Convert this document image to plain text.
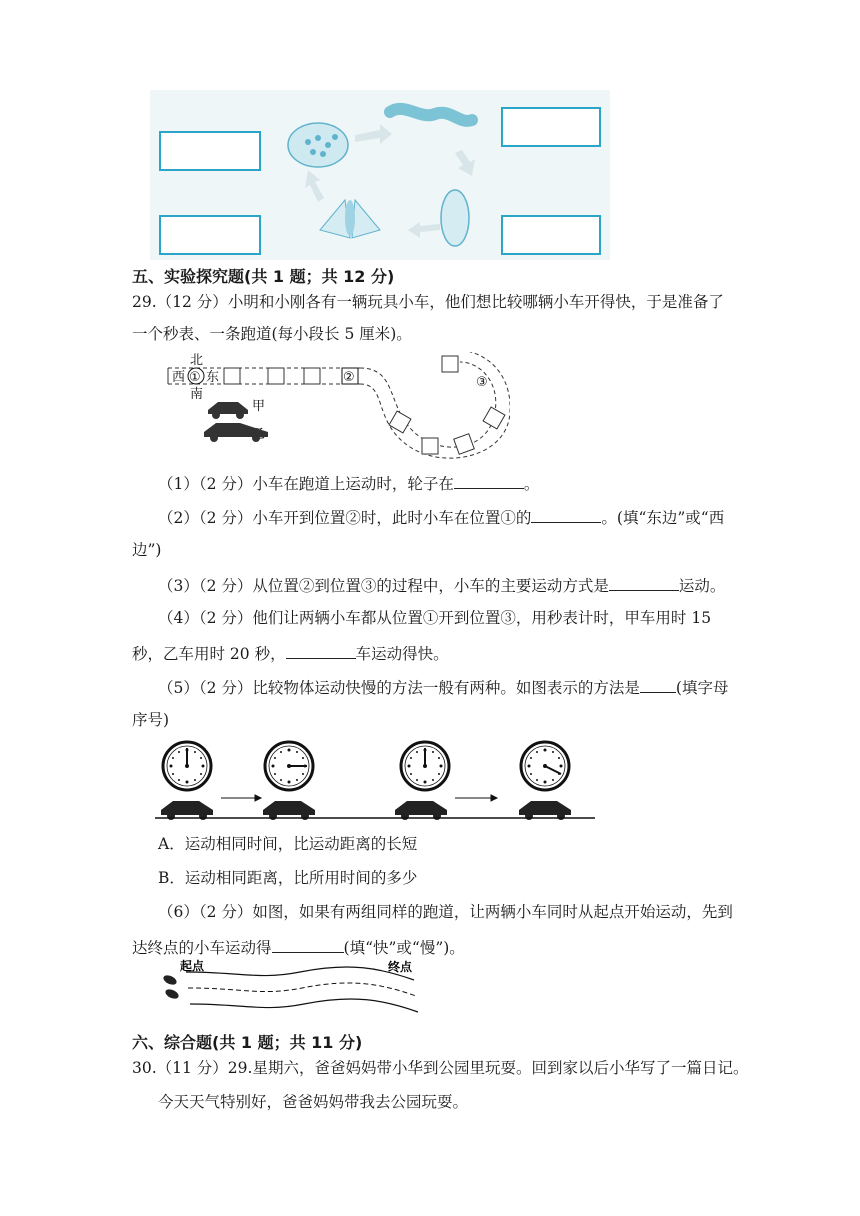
五、实验探究题(共 1 题；共 12 分)
29.（12 分）小明和小刚各有一辆玩具小车，他们想比较哪辆小车开得快，于是准备了
一个秒表、一条跑道(每小段长 5 厘米)。
西 ① 东
北
南
②	③
甲
（1）（2 分）小车在跑道上运动时，轮子在	。
（2）（2 分）小车开到位置②时，此时小车在位置①的	。(填“东边”或“西
边”)
（3）（2 分）从位置②到位置③的过程中，小车的主要运动方式是	运动。
（4）（2 分）他们让两辆小车都从位置①开到位置③，用秒表计时，甲车用时 15
秒，乙车用时 20 秒，	车运动得快。
（5）（2 分）比较物体运动快慢的方法一般有两种。如图表示的方法是 (填字母
序号)
A．运动相同时间，比运动距离的长短
B．运动相同距离，比所用时间的多少
（6）（2 分）如图，如果有两组同样的跑道，让两辆小车同时从起点开始运动，先到
达终点的小车运动得	(填“快”或“慢”)。
起点	终点
六、综合题(共 1 题；共 11 分)
30.（11 分）29.星期六，爸爸妈妈带小华到公园里玩耍。回到家以后小华写了一篇日记。
今天天气特别好，爸爸妈妈带我去公园玩耍。
